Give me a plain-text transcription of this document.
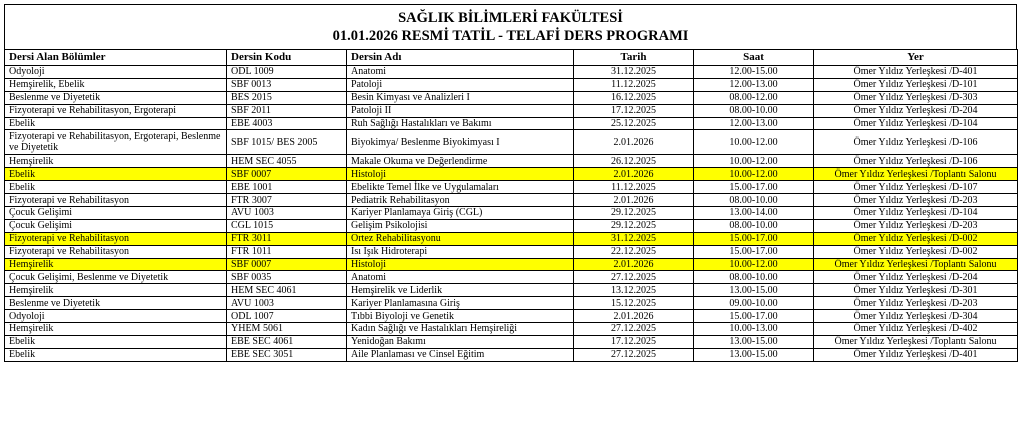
SAĞLIK BİLİMLERİ FAKÜLTESİ
01.01.2026 RESMİ TATİL - TELAFİ DERS PROGRAMI
Dersi Alan Bölümler	Dersin Kodu	Dersin Adı	Tarih	Saat	Yer
Odyoloji	ODL 1009	Anatomi	31.12.2025	12.00-15.00	Ömer Yıldız Yerleşkesi /D-401
Hemşirelik, Ebelik	SBF 0013	Patoloji	11.12.2025	12.00-13.00	Ömer Yıldız Yerleşkesi /D-101
Beslenme ve Diyetetik	BES 2015	Besin Kimyası ve Analizleri I	16.12.2025	08.00-12.00	Ömer Yıldız Yerleşkesi /D-303
Fizyoterapi ve Rehabilitasyon, Ergoterapi	SBF 2011	Patoloji II	17.12.2025	08.00-10.00	Ömer Yıldız Yerleşkesi /D-204
Ebelik	EBE 4003	Ruh Sağlığı Hastalıkları ve Bakımı	25.12.2025	12.00-13.00	Ömer Yıldız Yerleşkesi /D-104
Fizyoterapi ve Rehabilitasyon, Ergoterapi, Beslenme ve Diyetetik	SBF 1015/ BES 2005	Biyokimya/ Beslenme Biyokimyası I	2.01.2026	10.00-12.00	Ömer Yıldız Yerleşkesi /D-106
Hemşirelik	HEM SEC 4055	Makale Okuma ve Değerlendirme	26.12.2025	10.00-12.00	Ömer Yıldız Yerleşkesi /D-106
Ebelik	SBF 0007	Histoloji	2.01.2026	10.00-12.00	Ömer Yıldız Yerleşkesi /Toplantı Salonu
Ebelik	EBE 1001	Ebelikte Temel İlke ve Uygulamaları	11.12.2025	15.00-17.00	Ömer Yıldız Yerleşkesi /D-107
Fizyoterapi ve Rehabilitasyon	FTR 3007	Pediatrik Rehabilitasyon	2.01.2026	08.00-10.00	Ömer Yıldız Yerleşkesi /D-203
Çocuk Gelişimi	AVU 1003	Kariyer Planlamaya Giriş (CGL)	29.12.2025	13.00-14.00	Ömer Yıldız Yerleşkesi /D-104
Çocuk Gelişimi	CGL 1015	Gelişim Psikolojisi	29.12.2025	08.00-10.00	Ömer Yıldız Yerleşkesi /D-203
Fizyoterapi ve Rehabilitasyon	FTR 3011	Ortez Rehabilitasyonu	31.12.2025	15.00-17.00	Ömer Yıldız Yerleşkesi /D-002
Fizyoterapi ve Rehabilitasyon	FTR 1011	Isı Işık Hidroterapi	22.12.2025	15.00-17.00	Ömer Yıldız Yerleşkesi /D-002
Hemşirelik	SBF 0007	Histoloji	2.01.2026	10.00-12.00	Ömer Yıldız Yerleşkesi /Toplantı Salonu
Çocuk Gelişimi, Beslenme ve Diyetetik	SBF 0035	Anatomi	27.12.2025	08.00-10.00	Ömer Yıldız Yerleşkesi /D-204
Hemşirelik	HEM SEC 4061	Hemşirelik ve Liderlik	13.12.2025	13.00-15.00	Ömer Yıldız Yerleşkesi /D-301
Beslenme ve Diyetetik	AVU 1003	Kariyer Planlamasına Giriş	15.12.2025	09.00-10.00	Ömer Yıldız Yerleşkesi /D-203
Odyoloji	ODL 1007	Tıbbi Biyoloji ve Genetik	2.01.2026	15.00-17.00	Ömer Yıldız Yerleşkesi /D-304
Hemşirelik	YHEM 5061	Kadın Sağlığı ve Hastalıkları Hemşireliği	27.12.2025	10.00-13.00	Ömer Yıldız Yerleşkesi /D-402
Ebelik	EBE SEC 4061	Yenidoğan Bakımı	17.12.2025	13.00-15.00	Ömer Yıldız Yerleşkesi /Toplantı Salonu
Ebelik	EBE SEC 3051	Aile Planlaması ve Cinsel Eğitim	27.12.2025	13.00-15.00	Ömer Yıldız Yerleşkesi /D-401
